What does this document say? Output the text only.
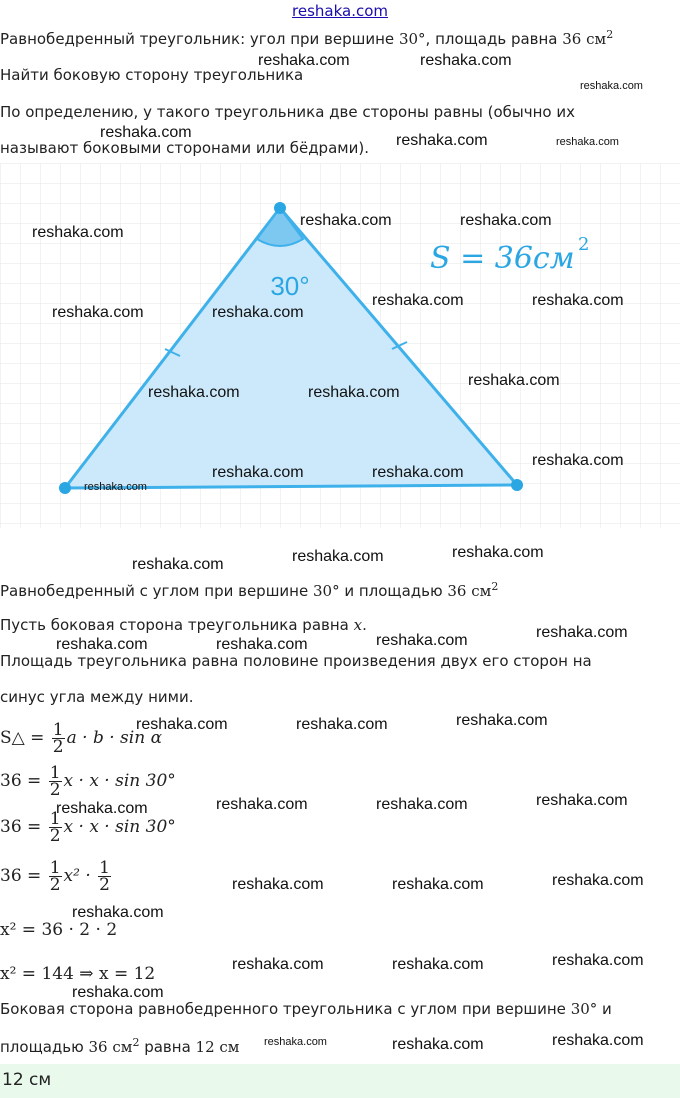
reshaka.com
Равнобедренный треугольник: угол при вершине 30°, площадь равна 36 $см^2$
Найти боковую сторону треугольника
По определению, у такого треугольника две стороны равны (обычно их
называют боковыми сторонами или бёдрами).
30°
S = 36см 2
Равнобедренный с углом при вершине 30° и площадью 36 $см^2$
Пусть боковая сторона треугольника равна x.
Площадь треугольника равна половине произведения двух его сторон на
синус угла между ними.
S△ = $\frac{1}{2}$ a · b · sin α
$36 = \frac{1}{2}$ x · x · sin 30°
$36 = \frac{1}{2}$ x · x · sin 30°
$36 = \frac{1}{2} x^2 \cdot \frac{1}{2}$
x² = 36 · 2 · 2
x² = 144 ⇒ x = 12
Боковая сторона равнобедренного треугольника с углом при вершине 30° и
площадью 36 $см^2$ равна 12 см
12 см
reshaka.com	reshaka.com
reshaka.com
reshaka.com	reshaka.com	reshaka.com
reshaka.com
reshaka.com	reshaka.com
reshaka.com	reshaka.com
reshaka.com	reshaka.com
reshaka.com	reshaka.com
reshaka.com
reshaka.com	reshaka.com
reshaka.com
reshaka.com
reshaka.com	reshaka.com	reshaka.com
reshaka.com	reshaka.com	reshaka.com	reshaka.com
reshaka.com	reshaka.com	reshaka.com
reshaka.com	reshaka.com	reshaka.com	reshaka.com
reshaka.com	reshaka.com	reshaka.com
reshaka.com
reshaka.com	reshaka.com	reshaka.com
reshaka.com
reshaka.com	reshaka.com	reshaka.com
